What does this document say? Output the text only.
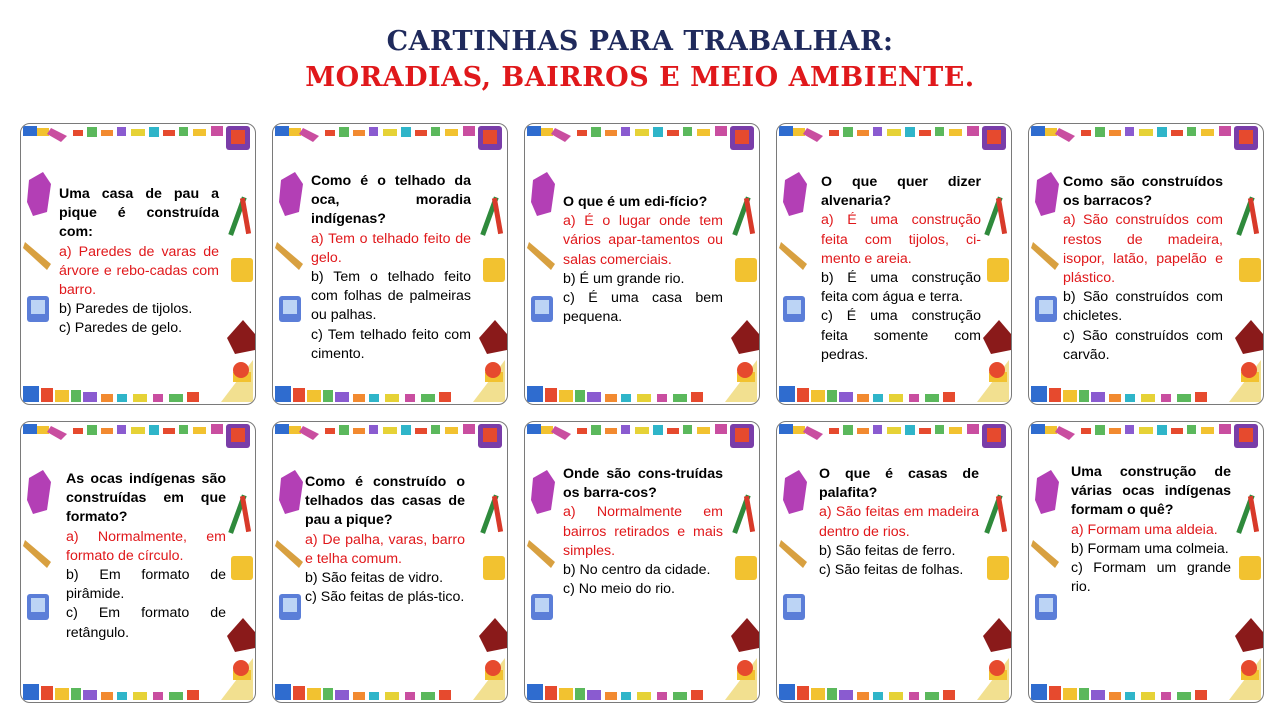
CARTINHAS PARA TRABALHAR:
MORADIAS, BAIRROS E MEIO AMBIENTE.
Uma casa de pau a pique é construída com:
a) Paredes de varas de árvore e rebo-cadas com barro.
b) Paredes de tijolos.
c) Paredes de gelo.
Como é o telhado da oca, moradia indígenas?
a) Tem o telhado feito de gelo.
b) Tem o telhado feito com folhas de palmeiras ou palhas.
c) Tem telhado feito com cimento.
O que é um edi-fício?
a) É o lugar onde tem vários apar-tamentos ou salas comerciais.
b) É um grande rio.
c) É uma casa bem pequena.
O que quer dizer alvenaria?
a) É uma construção feita com tijolos, ci-mento e areia.
b) É uma construção feita com água e terra.
c) É uma construção feita somente com pedras.
Como são construídos os barracos?
a) São construídos com restos de madeira, isopor, latão, papelão e plástico.
b) São construídos com chicletes.
c) São construídos com carvão.
As ocas indígenas são construídas em que formato?
a) Normalmente, em formato de círculo.
b) Em formato de pirâmide.
c) Em formato de retângulo.
Como é construído o telhados das casas de pau a pique?
a) De palha, varas, barro e telha comum.
b) São feitas de vidro.
c) São feitas de plás-tico.
Onde são cons-truídas os barra-cos?
a) Normalmente em bairros retirados e mais simples.
b) No centro da cidade.
c) No meio do rio.
O que é casas de palafita?
a) São feitas em madeira dentro de rios.
b) São feitas de ferro.
c) São feitas de folhas.
Uma construção de várias ocas indígenas formam o quê?
a) Formam uma aldeia.
b) Formam uma colmeia.
c) Formam um grande rio.
